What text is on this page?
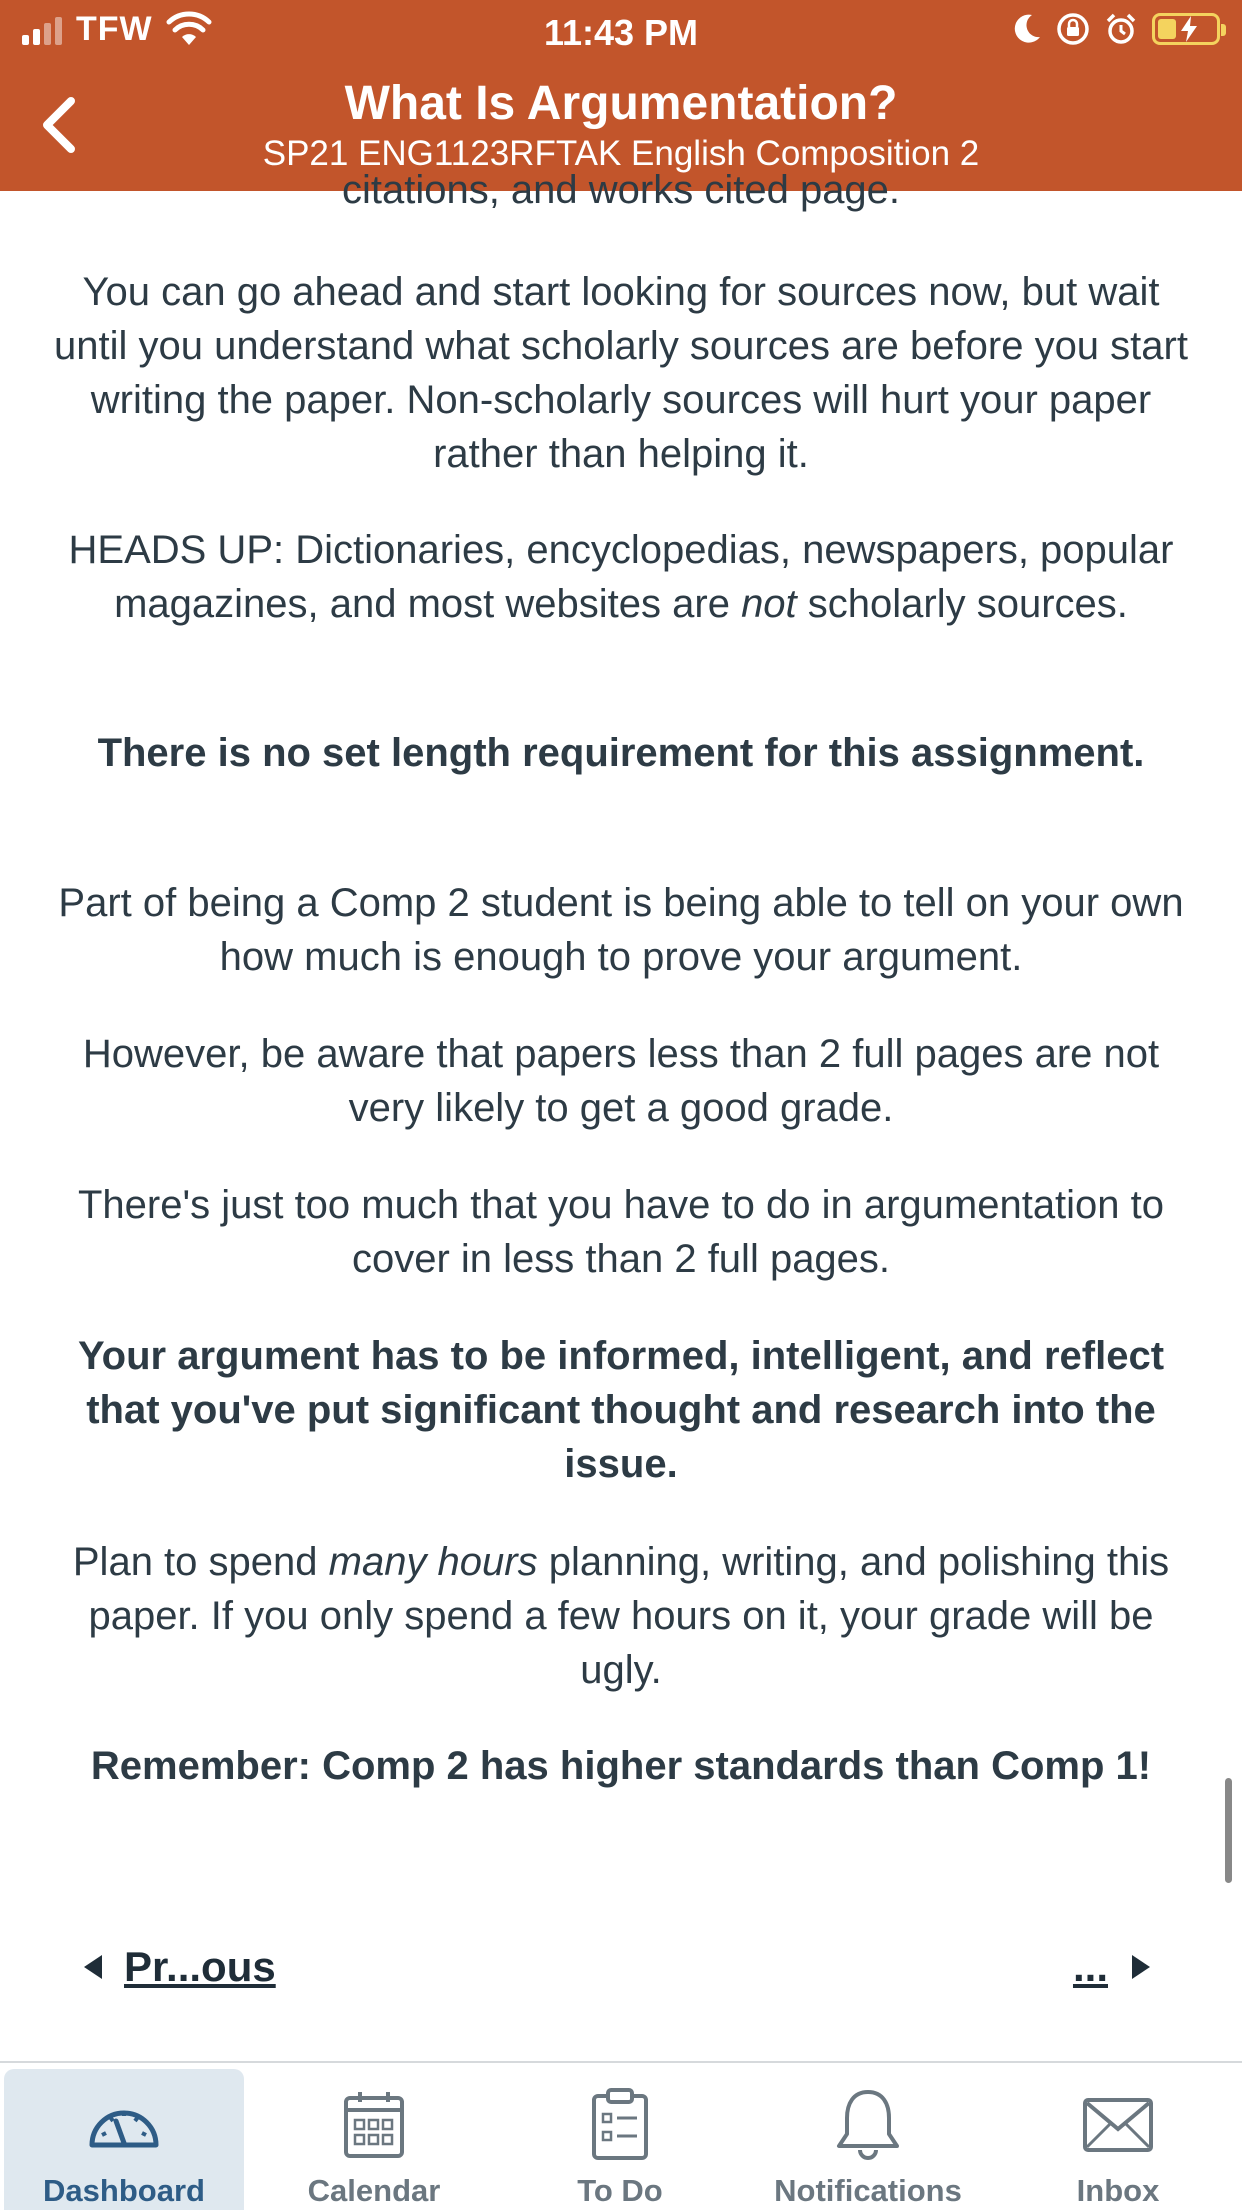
TFW	11:43 PM
What Is Argumentation?
SP21 ENG1123RFTAK English Composition 2
citations, and works cited page.
You can go ahead and start looking for sources now, but wait until you understand what scholarly sources are before you start writing the paper. Non-scholarly sources will hurt your paper rather than helping it.
HEADS UP: Dictionaries, encyclopedias, newspapers, popular magazines, and most websites are not scholarly sources.
There is no set length requirement for this assignment.
Part of being a Comp 2 student is being able to tell on your own how much is enough to prove your argument.
However, be aware that papers less than 2 full pages are not very likely to get a good grade.
There's just too much that you have to do in argumentation to cover in less than 2 full pages.
Your argument has to be informed, intelligent, and reflect that you've put significant thought and research into the issue.
Plan to spend many hours planning, writing, and polishing this paper. If you only spend a few hours on it, your grade will be ugly.
Remember: Comp 2 has higher standards than Comp 1!
Pr...ous	...
Dashboard	Calendar	To Do	Notifications	Inbox
